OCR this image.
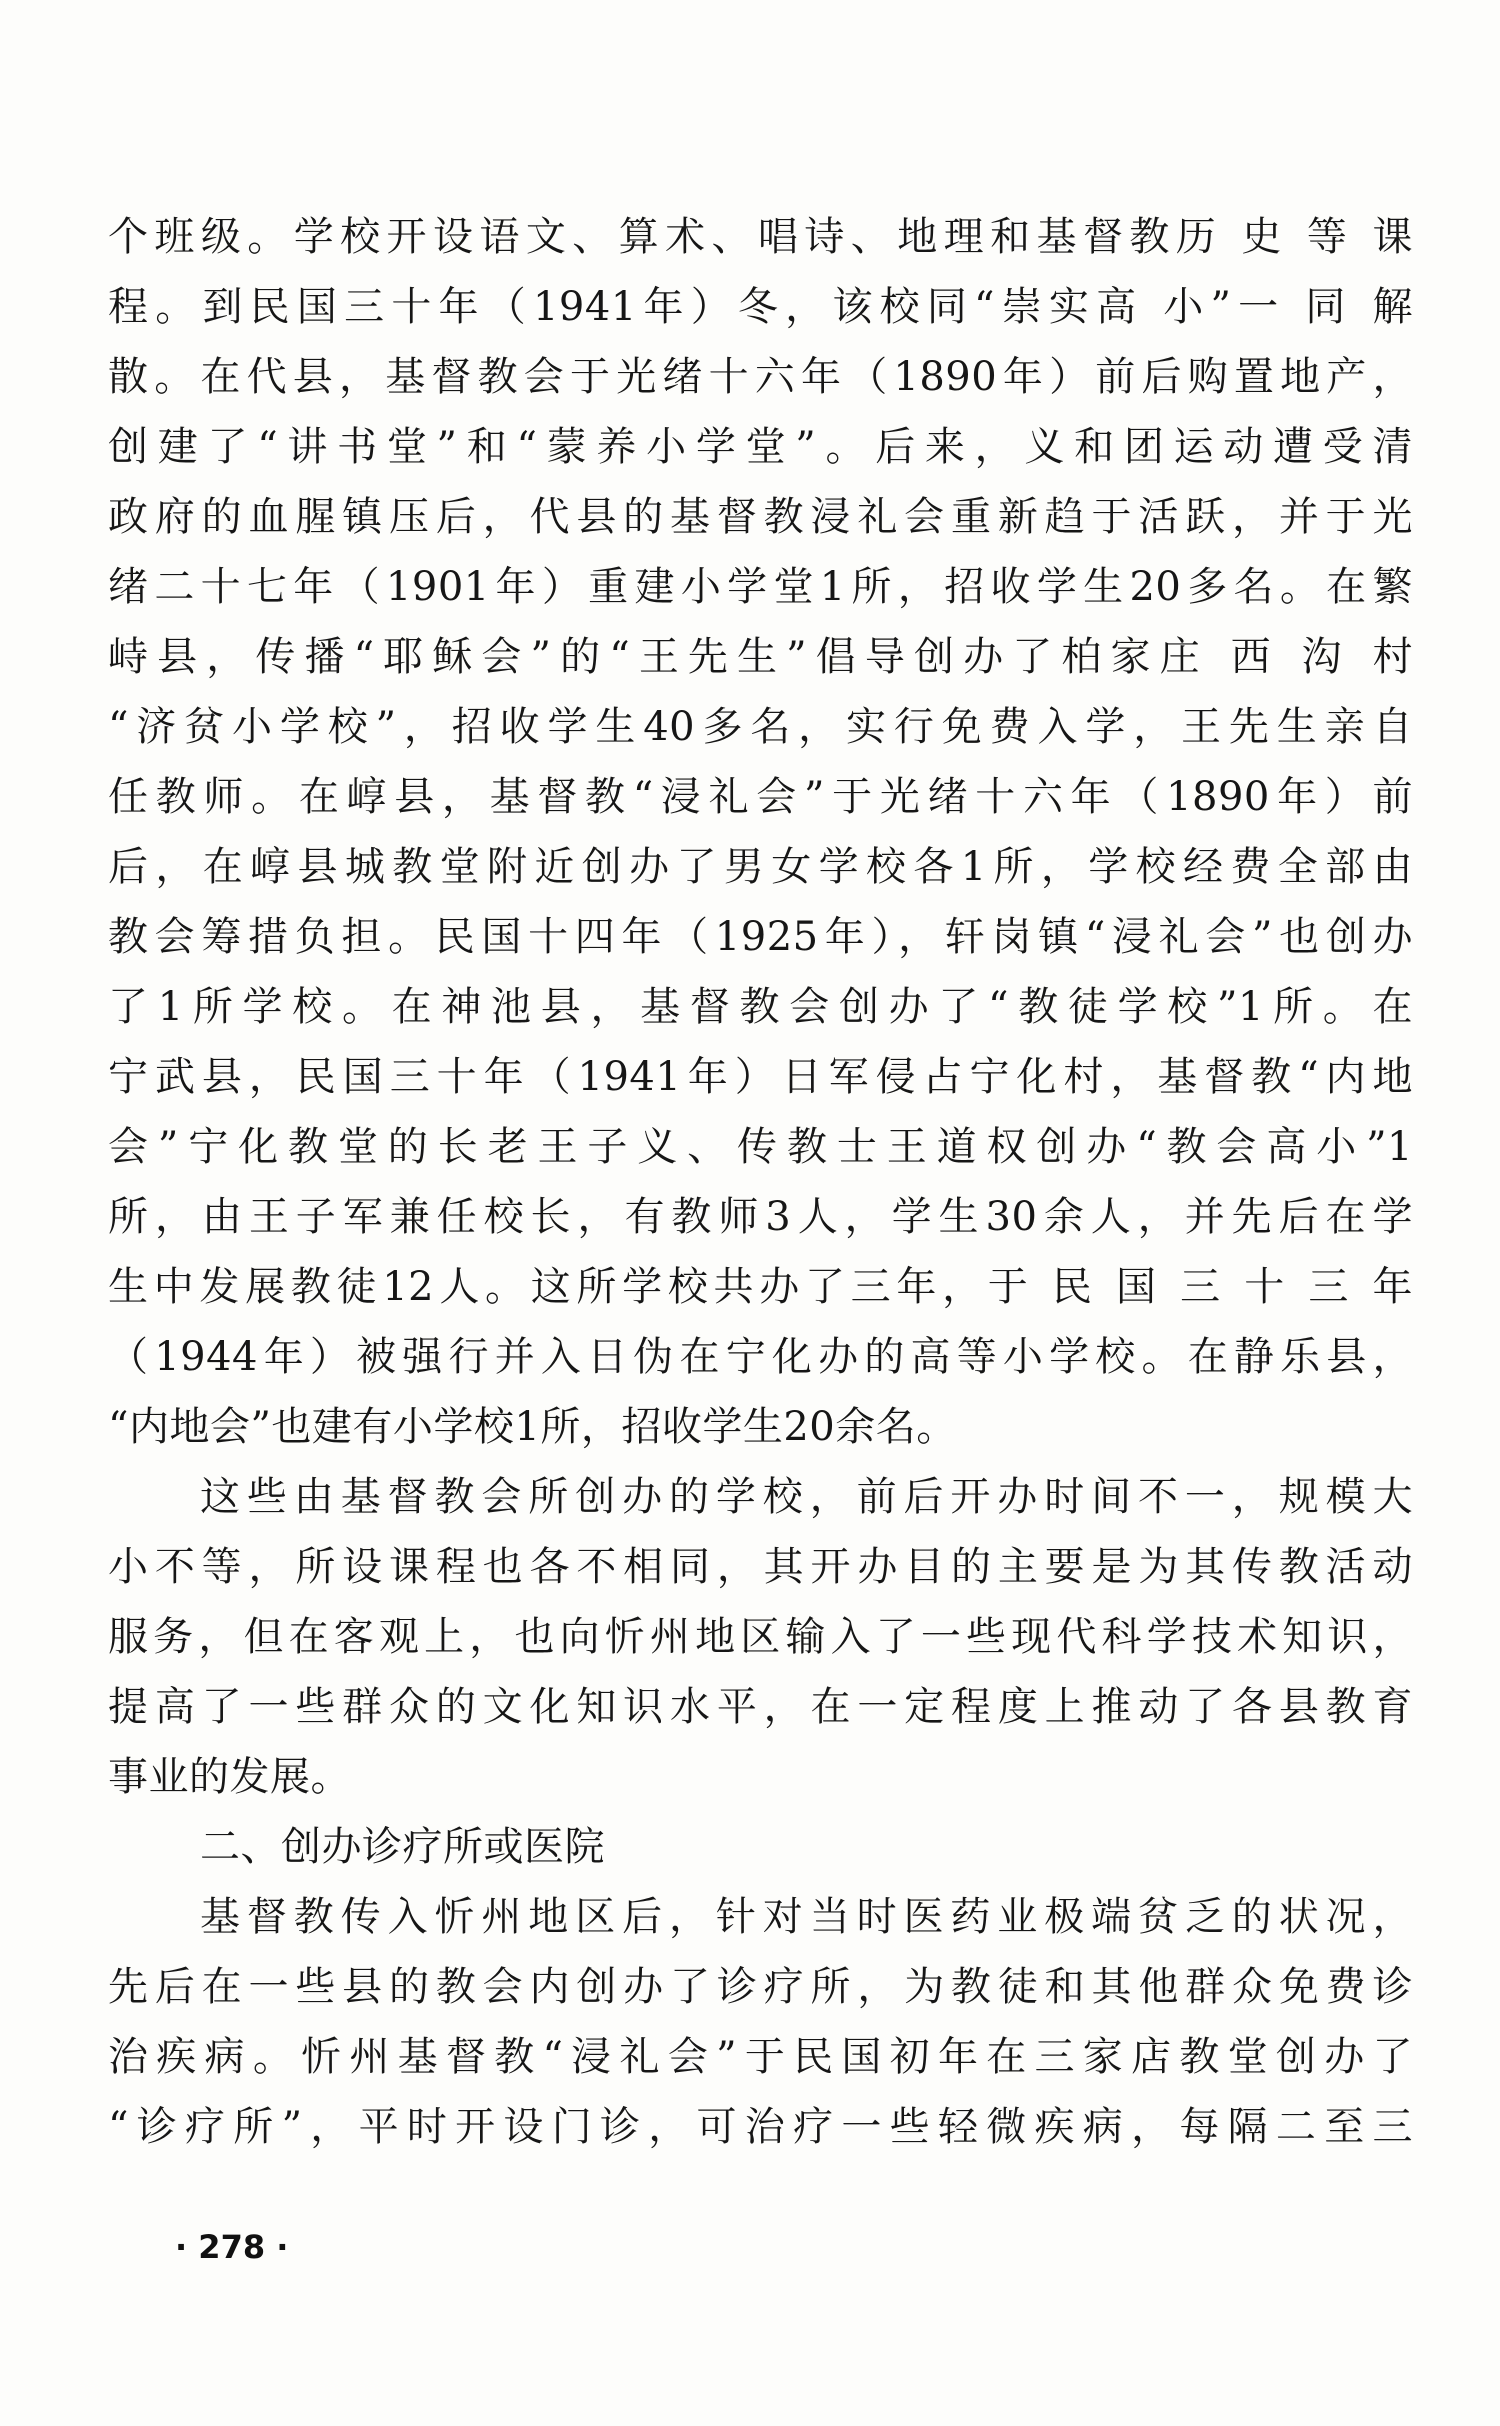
个班级。学校开设语文、算术、唱诗、地理和基督教历 史 等 课
程。到民国三十年（1941年）冬，该校同“崇实高 小”一 同 解
散。在代县，基督教会于光绪十六年（1890年）前后购置地产，
创建了“讲书堂”和“蒙养小学堂”。后来，义和团运动遭受清
政府的血腥镇压后，代县的基督教浸礼会重新趋于活跃，并于光
绪二十七年（1901年）重建小学堂1所，招收学生20多名。在繁
峙县，传播“耶稣会”的“王先生”倡导创办了柏家庄 西 沟 村
“济贫小学校”，招收学生40多名，实行免费入学，王先生亲自
任教师。在崞县，基督教“浸礼会”于光绪十六年（1890年）前
后，在崞县城教堂附近创办了男女学校各1所，学校经费全部由
教会筹措负担。民国十四年（1925年），轩岗镇“浸礼会”也创办
了1所学校。在神池县，基督教会创办了“教徒学校”1所。在
宁武县，民国三十年（1941年）日军侵占宁化村，基督教“内地
会”宁化教堂的长老王子义、传教士王道权创办“教会高小”1
所，由王子军兼任校长，有教师3人，学生30余人，并先后在学
生中发展教徒12人。这所学校共办了三年，于 民 国 三 十 三 年
（1944年）被强行并入日伪在宁化办的高等小学校。在静乐县，
“内地会”也建有小学校1所，招收学生20余名。
这些由基督教会所创办的学校，前后开办时间不一，规模大
小不等，所设课程也各不相同，其开办目的主要是为其传教活动
服务，但在客观上，也向忻州地区输入了一些现代科学技术知识，
提高了一些群众的文化知识水平，在一定程度上推动了各县教育
事业的发展。
二、创办诊疗所或医院
基督教传入忻州地区后，针对当时医药业极端贫乏的状况，
先后在一些县的教会内创办了诊疗所，为教徒和其他群众免费诊
治疾病。忻州基督教“浸礼会”于民国初年在三家店教堂创办了
“诊疗所”，平时开设门诊，可治疗一些轻微疾病，每隔二至三
· 278 ·
